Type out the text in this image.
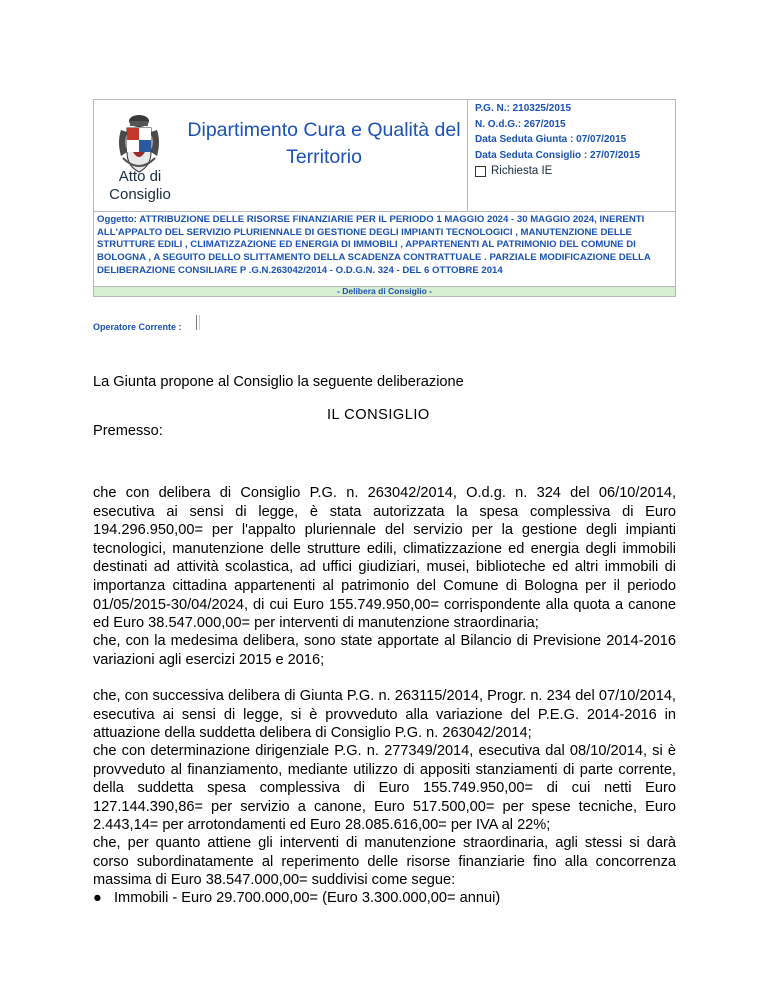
Atto di Consiglio
Dipartimento Cura e Qualità del Territorio
P.G. N.: 210325/2015
N. O.d.G.: 267/2015
Data Seduta Giunta : 07/07/2015
Data Seduta Consiglio : 27/07/2015
Richiesta IE
Oggetto: ATTRIBUZIONE DELLE RISORSE FINANZIARIE PER IL PERIODO 1 MAGGIO 2024 - 30 MAGGIO 2024, INERENTI ALL'APPALTO DEL SERVIZIO PLURIENNALE DI GESTIONE DEGLI IMPIANTI TECNOLOGICI , MANUTENZIONE DELLE STRUTTURE EDILI , CLIMATIZZAZIONE ED ENERGIA DI IMMOBILI , APPARTENENTI AL PATRIMONIO DEL COMUNE DI BOLOGNA , A SEGUITO DELLO SLITTAMENTO DELLA SCADENZA CONTRATTUALE . PARZIALE MODIFICAZIONE DELLA DELIBERAZIONE CONSILIARE P .G.N.263042/2014 - O.D.G.N. 324 - DEL 6 OTTOBRE 2014
- Delibera di Consiglio -
Operatore Corrente :
La Giunta propone al Consiglio la seguente deliberazione
IL CONSIGLIO
Premesso:

che con delibera di Consiglio P.G. n. 263042/2014, O.d.g. n. 324 del 06/10/2014, esecutiva ai sensi di legge, è stata autorizzata la spesa complessiva di Euro 194.296.950,00= per l'appalto pluriennale del servizio per la gestione degli impianti tecnologici, manutenzione delle strutture edili, climatizzazione ed energia degli immobili destinati ad attività scolastica, ad uffici giudiziari, musei, biblioteche ed altri immobili di importanza cittadina appartenenti al patrimonio del Comune di Bologna per il periodo 01/05/2015-30/04/2024, di cui Euro 155.749.950,00= corrispondente alla quota a canone ed Euro 38.547.000,00= per interventi di manutenzione straordinaria;

che, con la medesima delibera, sono state apportate al Bilancio di Previsione 2014-2016 variazioni agli esercizi 2015 e 2016;

che, con successiva delibera di Giunta P.G. n. 263115/2014, Progr. n. 234 del 07/10/2014, esecutiva ai sensi di legge, si è provveduto alla variazione del P.E.G. 2014-2016 in attuazione della suddetta delibera di Consiglio P.G. n. 263042/2014;

che con determinazione dirigenziale P.G. n. 277349/2014, esecutiva dal 08/10/2014, si è provveduto al finanziamento, mediante utilizzo di appositi stanziamenti di parte corrente, della suddetta spesa complessiva di Euro 155.749.950,00= di cui netti Euro 127.144.390,86= per servizio a canone, Euro 517.500,00= per spese tecniche, Euro 2.443,14= per arrotondamenti ed Euro 28.085.616,00= per IVA al 22%;

che, per quanto attiene gli interventi di manutenzione straordinaria, agli stessi si darà corso subordinatamente al reperimento delle risorse finanziarie fino alla concorrenza massima di Euro 38.547.000,00= suddivisi come segue:

● Immobili - Euro 29.700.000,00= (Euro 3.300.000,00= annui)
